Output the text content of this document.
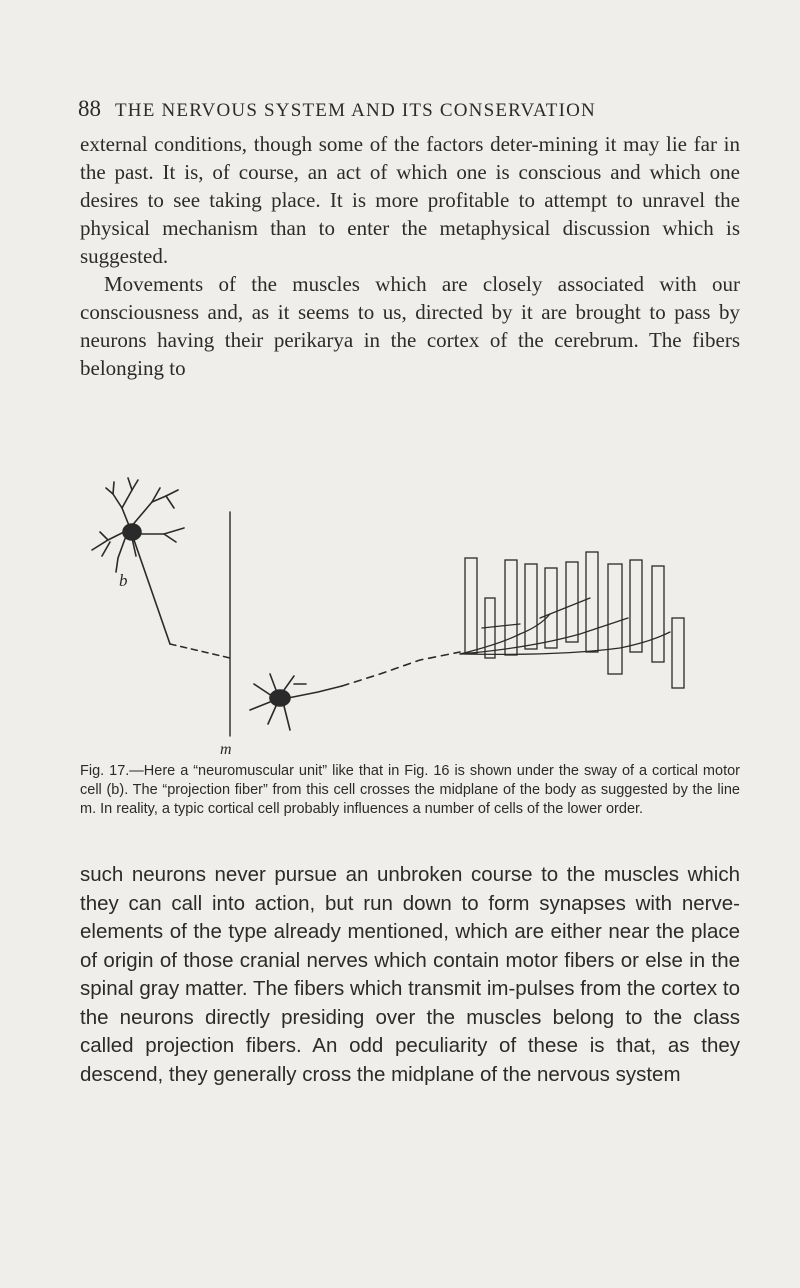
88 THE NERVOUS SYSTEM AND ITS CONSERVATION

external conditions, though some of the factors deter-mining it may lie far in the past. It is, of course, an act of which one is conscious and which one desires to see taking place. It is more profitable to attempt to unravel the physical mechanism than to enter the metaphysical discussion which is suggested.

Movements of the muscles which are closely associated with our consciousness and, as it seems to us, directed by it are brought to pass by neurons having their perikarya in the cortex of the cerebrum. The fibers belonging to

b
m
Fig. 17.—Here a “neuromuscular unit” like that in Fig. 16 is shown under the sway of a cortical motor cell (b). The “projection fiber” from this cell crosses the midplane of the body as suggested by the line m. In reality, a typic cortical cell probably influences a number of cells of the lower order.

such neurons never pursue an unbroken course to the muscles which they can call into action, but run down to form synapses with nerve-elements of the type already mentioned, which are either near the place of origin of those cranial nerves which contain motor fibers or else in the spinal gray matter. The fibers which transmit im-pulses from the cortex to the neurons directly presiding over the muscles belong to the class called projection fibers. An odd peculiarity of these is that, as they descend, they generally cross the midplane of the nervous system
